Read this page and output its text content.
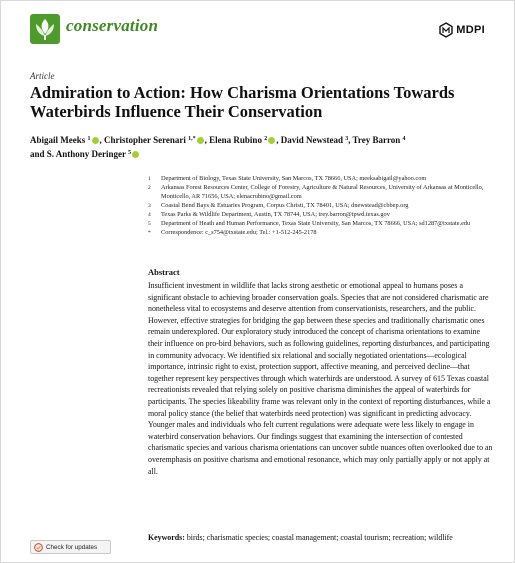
conservation	MDPI
Article
Admiration to Action: How Charisma Orientations Towards Waterbirds Influence Their Conservation
Abigail Meeks $^1$ , Christopher Serenari $^{1,*}$ , Elena Rubino $^2$ , David Newstead $^3$, Trey Barron $^4$
and S. Anthony Deringer $^5$
1	Department of Biology, Texas State University, San Marcos, TX 78666, USA; meeksabigail@yahoo.com
2	Arkansas Forest Resources Center, College of Forestry, Agriculture & Natural Resources, University of Arkansas at Monticello, Monticello, AR 71656, USA; elenacrubino@gmail.com
3	Coastal Bend Bays & Estuaries Program, Corpus Christi, TX 78401, USA; dnewstead@cbbep.org
4	Texas Parks & Wildlife Department, Austin, TX 78744, USA; trey.barron@tpwd.texas.gov
5	Department of Heath and Human Performance, Texas State University, San Marcos, TX 78666, USA; sd1287@txstate.edu
*	Correspondence: c_s754@txstate.edu; Tel.: +1-512-245-2178
Abstract

Insufficient investment in wildlife that lacks strong aesthetic or emotional appeal to humans poses a significant obstacle to achieving broader conservation goals. Species that are not considered charismatic are nonetheless vital to ecosystems and deserve attention from conservationists, researchers, and the public. However, effective strategies for bridging the gap between these species and traditionally charismatic ones remain underexplored. Our exploratory study introduced the concept of charisma orientations to examine their influence on pro-bird behaviors, such as following guidelines, reporting disturbances, and participating in community advocacy. We identified six relational and socially negotiated orientations—ecological importance, intrinsic right to exist, protection support, affective meaning, and perceived decline—that together represent key perspectives through which waterbirds are understood. A survey of 615 Texas coastal recreationists revealed that relying solely on positive charisma diminishes the appeal of waterbirds for participants. The species likeability frame was relevant only in the context of reporting disturbances, while a moral policy stance (the belief that waterbirds need protection) was significant in predicting advocacy. Younger males and individuals who felt current regulations were adequate were less likely to engage in waterbird conservation behaviors. Our findings suggest that examining the intersection of contested charismatic species and various charisma orientations can uncover subtle nuances often overlooked due to an overemphasis on positive charisma and emotional resonance, which may only partially apply or not apply at all.

Keywords: birds; charismatic species; coastal management; coastal tourism; recreation; wildlife

Check for updates
